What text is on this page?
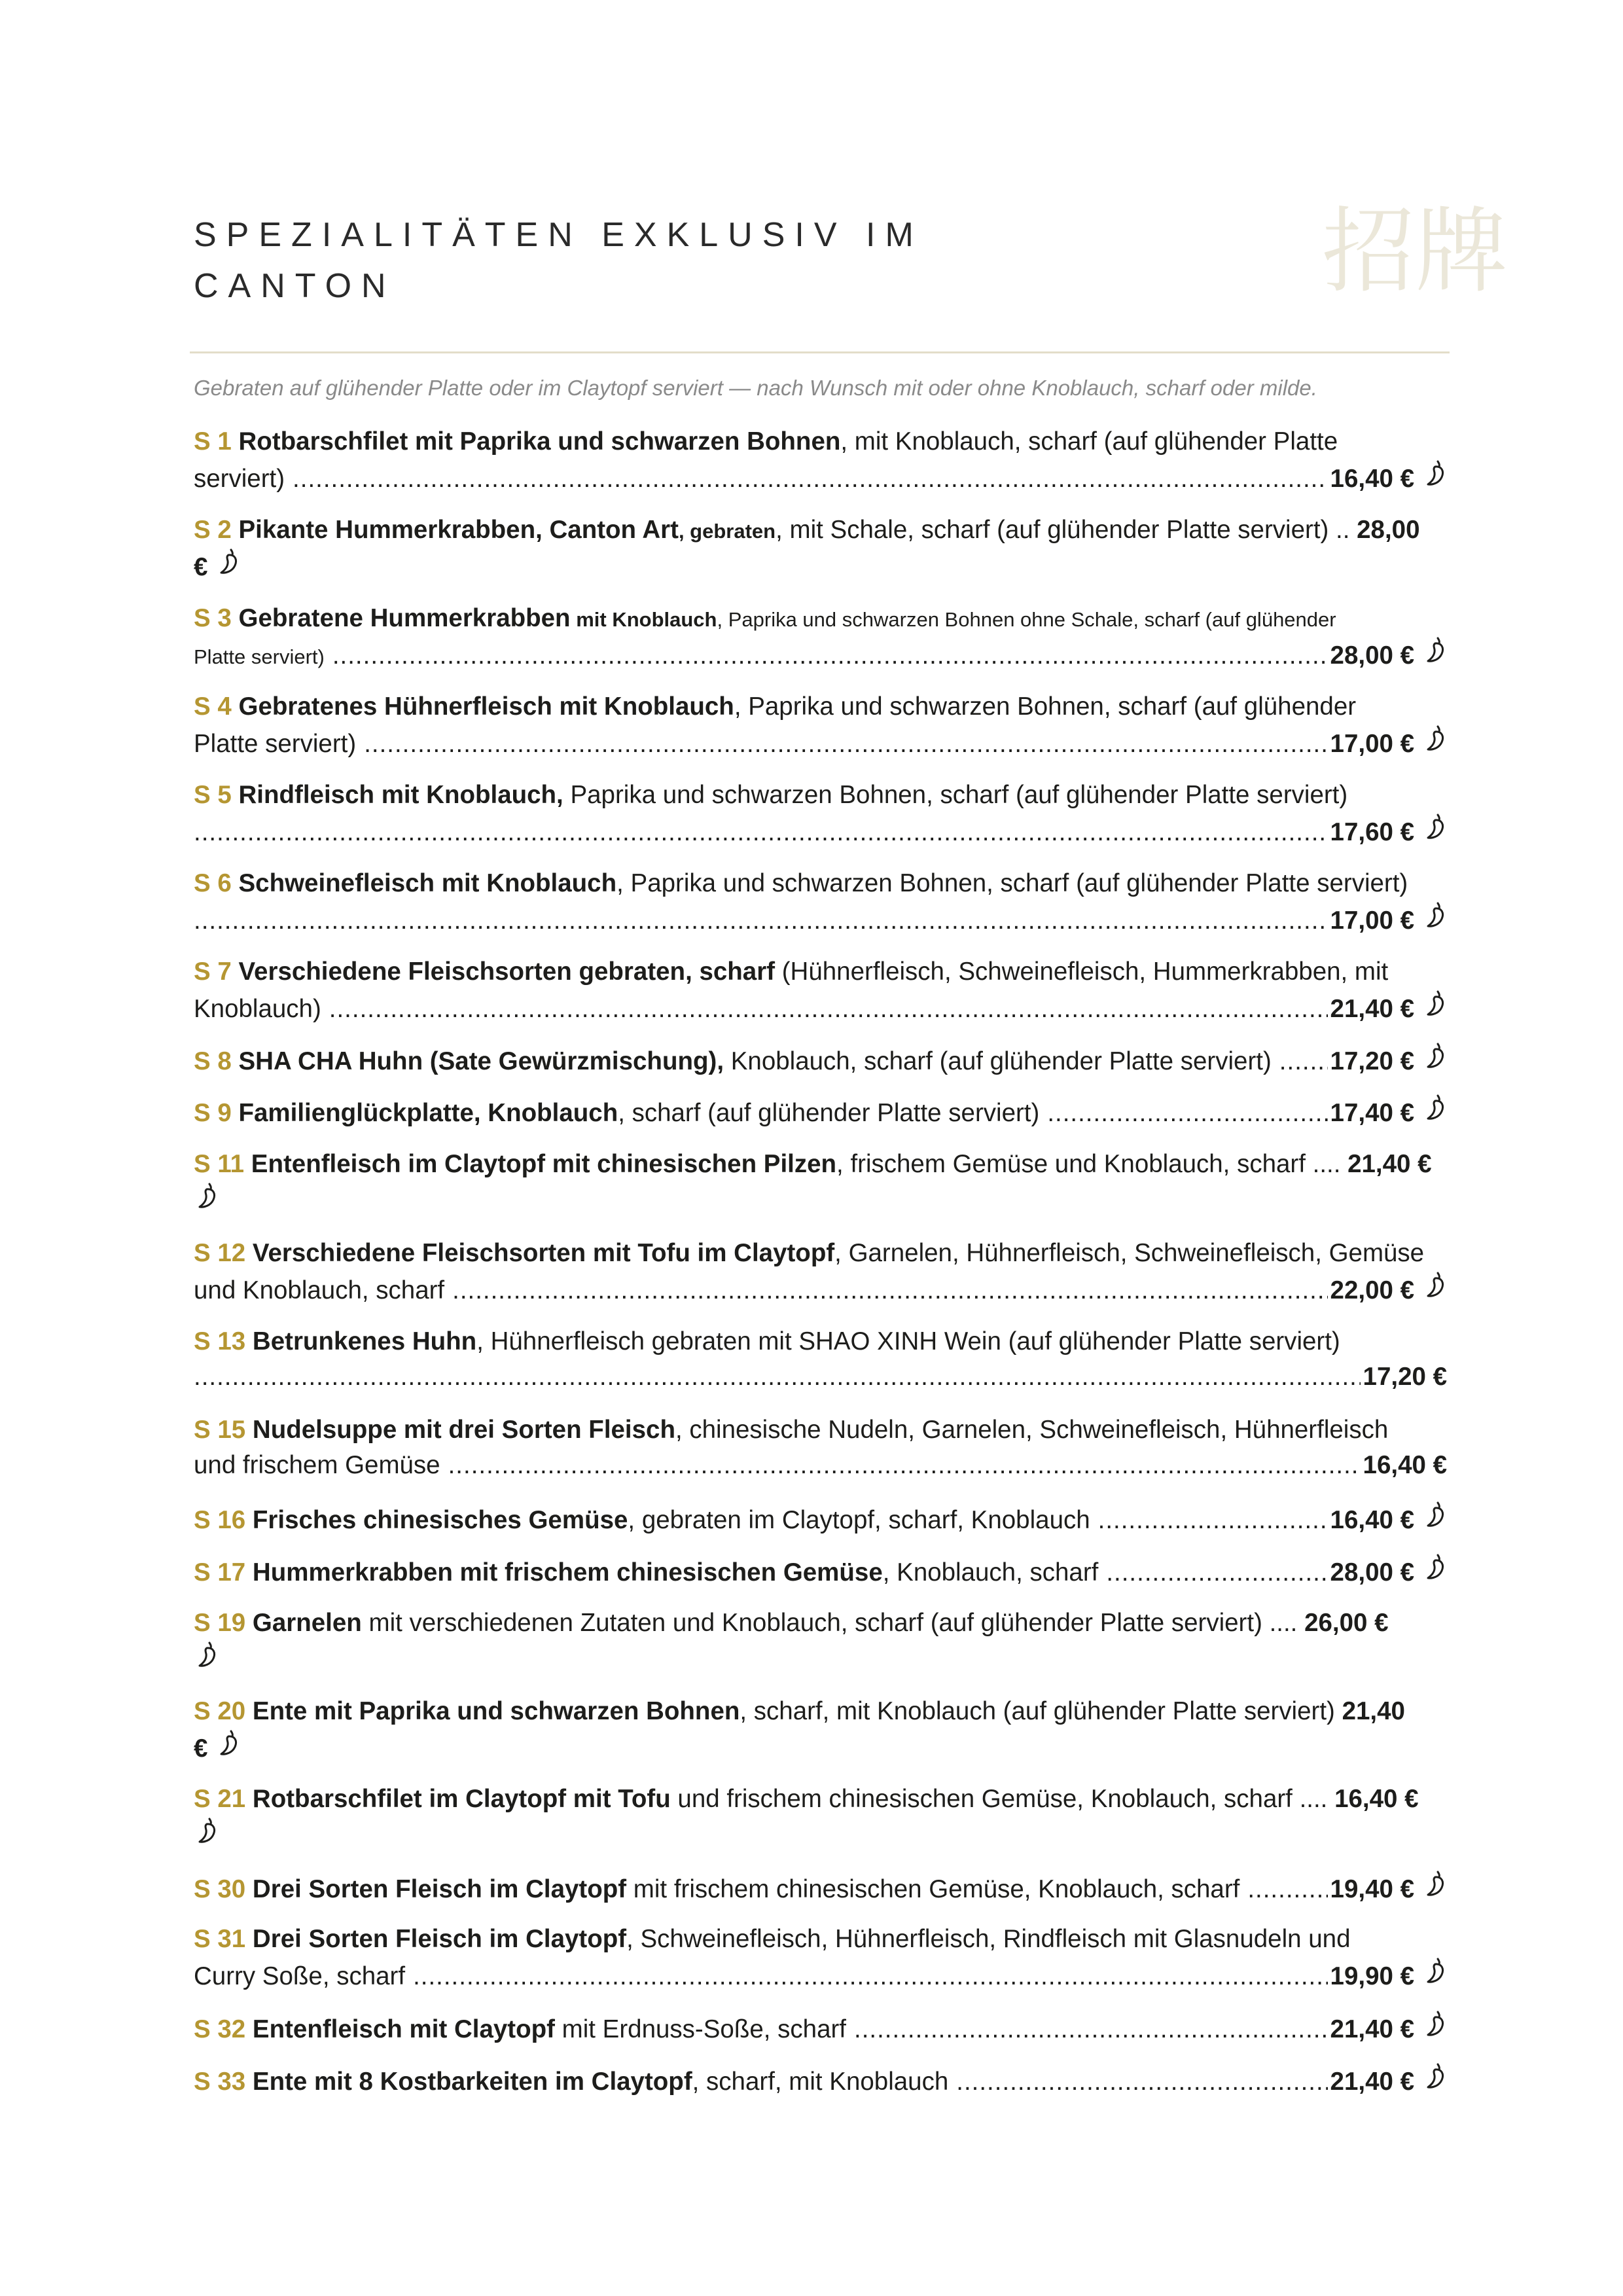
SPEZIALITÄTEN EXKLUSIV IM
CANTON	招牌
Gebraten auf glühender Platte oder im Claytopf serviert — nach Wunsch mit oder ohne Knoblauch, scharf oder milde.
S 1 Rotbarschfilet mit Paprika und schwarzen Bohnen, mit Knoblauch, scharf (auf glühender Platte
serviert) .....	16,40 €
S 2 Pikante Hummerkrabben, Canton Art, gebraten, mit Schale, scharf (auf glühender Platte serviert) .. 28,00
€
S 3 Gebratene Hummerkrabben mit Knoblauch, Paprika und schwarzen Bohnen ohne Schale, scharf (auf glühender
Platte serviert) .....	28,00 €
S 4 Gebratenes Hühnerfleisch mit Knoblauch, Paprika und schwarzen Bohnen, scharf (auf glühender
Platte serviert) .....	17,00 €
S 5 Rindfleisch mit Knoblauch, Paprika und schwarzen Bohnen, scharf (auf glühender Platte serviert)
.....
17,60 €
S 6 Schweinefleisch mit Knoblauch, Paprika und schwarzen Bohnen, scharf (auf glühender Platte serviert)
.....
17,00 €
S 7 Verschiedene Fleischsorten gebraten, scharf (Hühnerfleisch, Schweinefleisch, Hummerkrabben, mit
Knoblauch) .....	21,40 €
S 8 SHA CHA Huhn (Sate Gewürzmischung), Knoblauch, scharf (auf glühender Platte serviert) ..... 17,20 €
S 9 Familienglückplatte, Knoblauch, scharf (auf glühender Platte serviert) .....	17,40 €
S 11 Entenfleisch im Claytopf mit chinesischen Pilzen, frischem Gemüse und Knoblauch, scharf .... 21,40 €
S 12 Verschiedene Fleischsorten mit Tofu im Claytopf, Garnelen, Hühnerfleisch, Schweinefleisch, Gemüse
und Knoblauch, scharf .....	22,00 €
S 13 Betrunkenes Huhn, Hühnerfleisch gebraten mit SHAO XINH Wein (auf glühender Platte serviert)
.....
17,20 €
S 15 Nudelsuppe mit drei Sorten Fleisch, chinesische Nudeln, Garnelen, Schweinefleisch, Hühnerfleisch
und frischem Gemüse .....	16,40 €
S 16 Frisches chinesisches Gemüse, gebraten im Claytopf, scharf, Knoblauch .....	16,40 €
S 17 Hummerkrabben mit frischem chinesischen Gemüse, Knoblauch, scharf .....	28,00 €
S 19 Garnelen mit verschiedenen Zutaten und Knoblauch, scharf (auf glühender Platte serviert) .... 26,00 €
S 20 Ente mit Paprika und schwarzen Bohnen, scharf, mit Knoblauch (auf glühender Platte serviert) 21,40
€
S 21 Rotbarschfilet im Claytopf mit Tofu und frischem chinesischen Gemüse, Knoblauch, scharf .... 16,40 €
S 30 Drei Sorten Fleisch im Claytopf mit frischem chinesischen Gemüse, Knoblauch, scharf .....	19,40 €
S 31 Drei Sorten Fleisch im Claytopf, Schweinefleisch, Hühnerfleisch, Rindfleisch mit Glasnudeln und
Curry Soße, scharf .....	19,90 €
S 32 Entenfleisch mit Claytopf mit Erdnuss-Soße, scharf .....	21,40 €
S 33 Ente mit 8 Kostbarkeiten im Claytopf, scharf, mit Knoblauch .....	21,40 €
